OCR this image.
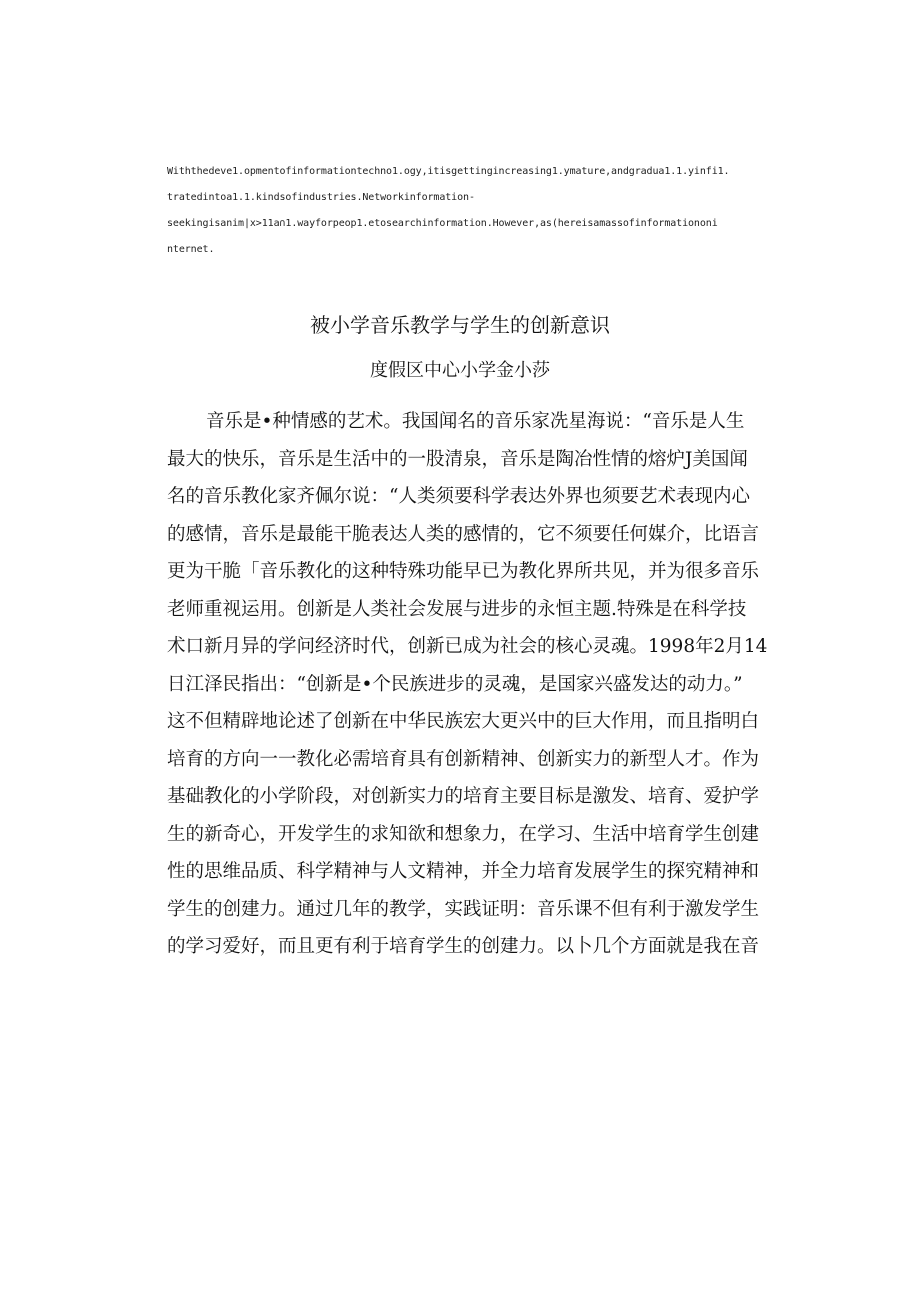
Withthedeve1.opmentofinformationtechno1.ogy,itisgettingincreasing1.ymature,andgradua1.1.yinfi1.
tratedintoa1.1.kindsofindustries.Networkinformation-
seekingisanim|x>11a∩1.wayforpeop1.etosearchinformation.However,as(hereisamassofinformationoni
nternet.
被小学音乐教学与学生的创新意识
度假区中心小学金小莎
音乐是•种情感的艺术。我国闻名的音乐家冼星海说：“音乐是人生
最大的快乐，音乐是生活中的一股清泉，音乐是陶冶性情的熔炉J美国闻
名的音乐教化家齐佩尔说：“人类须要科学表达外界也须要艺术表现内心
的感情，音乐是最能干脆表达人类的感情的，它不须要任何媒介，比语言
更为干脆「音乐教化的这种特殊功能早已为教化界所共见，并为很多音乐
老师重视运用。创新是人类社会发展与进步的永恒主题.特殊是在科学技
术口新月异的学问经济时代，创新已成为社会的核心灵魂。1998年2月14
日江泽民指出：“创新是•个民族进步的灵魂，是国家兴盛发达的动力。”
这不但精辟地论述了创新在中华民族宏大更兴中的巨大作用，而且指明白
培育的方向一一教化必需培育具有创新精神、创新实力的新型人才。作为
基础教化的小学阶段，对创新实力的培育主要目标是激发、培育、爱护学
生的新奇心，开发学生的求知欲和想象力，在学习、生活中培育学生创建
性的思维品质、科学精神与人文精神，并全力培育发展学生的探究精神和
学生的创建力。通过几年的教学，实践证明：音乐课不但有利于激发学生
的学习爱好，而且更有利于培育学生的创建力。以卜几个方面就是我在音
